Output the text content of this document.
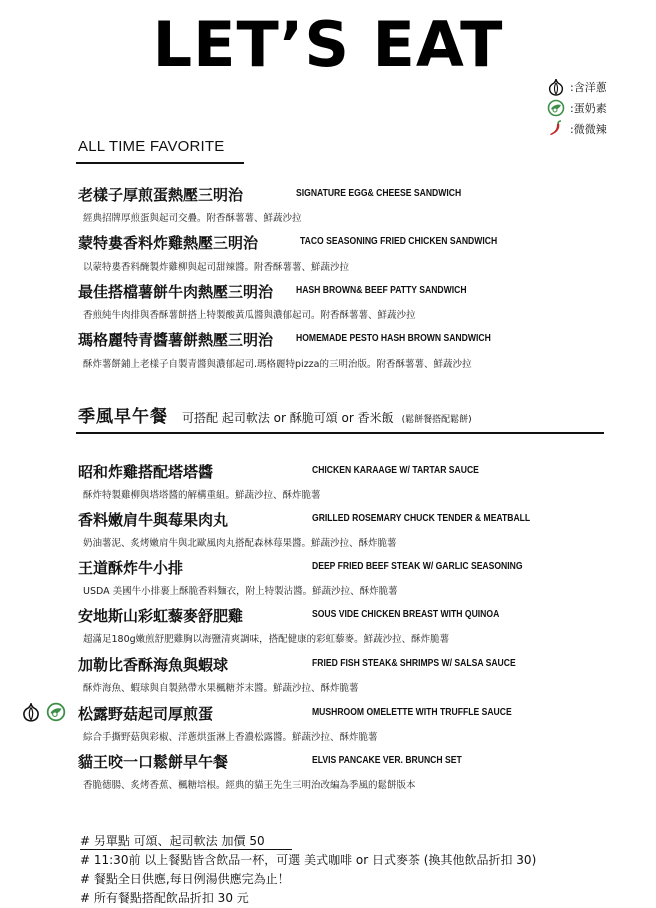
LET’S EAT
:含洋蔥
:蛋奶素
:微微辣
ALL TIME FAVORITE
老樣子厚煎蛋熱壓三明治	SIGNATURE EGG& CHEESE SANDWICH
經典招牌厚煎蛋與起司交疊。附香酥薯薯、鮮蔬沙拉
蒙特婁香料炸雞熱壓三明治	TACO SEASONING FRIED CHICKEN SANDWICH
以蒙特婁香料醃製炸雞柳與起司甜辣醬。附香酥薯薯、鮮蔬沙拉
最佳搭檔薯餅牛肉熱壓三明治 HASH BROWN& BEEF PATTY SANDWICH
香煎純牛肉排與香酥薯餅搭上特製酸黃瓜醬與濃郁起司。附香酥薯薯、鮮蔬沙拉
瑪格麗特青醬薯餅熱壓三明治 HOMEMADE PESTO HASH BROWN SANDWICH
酥炸薯餅鋪上老樣子自製青醬與濃郁起司.瑪格麗特pizza的三明治版。附香酥薯薯、鮮蔬沙拉
季風早午餐 可搭配 起司軟法 or 酥脆可頌 or 香米飯 (鬆餅餐搭配鬆餅)
昭和炸雞搭配塔塔醬	CHICKEN KARAAGE W/ TARTAR SAUCE
酥炸特製雞柳與塔塔醬的解構重組。鮮蔬沙拉、酥炸脆薯
香料嫩肩牛與莓果肉丸	GRILLED ROSEMARY CHUCK TENDER & MEATBALL
奶油薯泥、炙烤嫩肩牛與北歐風肉丸搭配森林莓果醬。鮮蔬沙拉、酥炸脆薯
王道酥炸牛小排	DEEP FRIED BEEF STEAK W/ GARLIC SEASONING
USDA 美國牛小排裹上酥脆香料麵衣，附上特製沾醬。鮮蔬沙拉、酥炸脆薯
安地斯山彩虹藜麥舒肥雞	SOUS VIDE CHICKEN BREAST WITH QUINOA
超滿足180g嫩煎舒肥雞胸以海鹽清爽調味，搭配健康的彩虹藜麥。鮮蔬沙拉、酥炸脆薯
加勒比香酥海魚與蝦球	FRIED FISH STEAK& SHRIMPS W/ SALSA SAUCE
酥炸海魚、蝦球與自製熱帶水果楓糖芥末醬。鮮蔬沙拉、酥炸脆薯
松露野菇起司厚煎蛋	MUSHROOM OMELETTE WITH TRUFFLE SAUCE
綜合手撕野菇與彩椒、洋蔥烘蛋淋上香濃松露醬。鮮蔬沙拉、酥炸脆薯
貓王咬一口鬆餅早午餐	ELVIS PANCAKE VER. BRUNCH SET
香脆德腸、炙烤香蕉、楓糖培根。經典的貓王先生三明治改編為季風的鬆餅版本
# 另單點 可頌、起司軟法 加價 50
# 11:30前 以上餐點皆含飲品一杯，可選 美式咖啡 or 日式麥茶 (換其他飲品折扣 30)
# 餐點全日供應,每日例湯供應完為止！
# 所有餐點搭配飲品折扣 30 元
